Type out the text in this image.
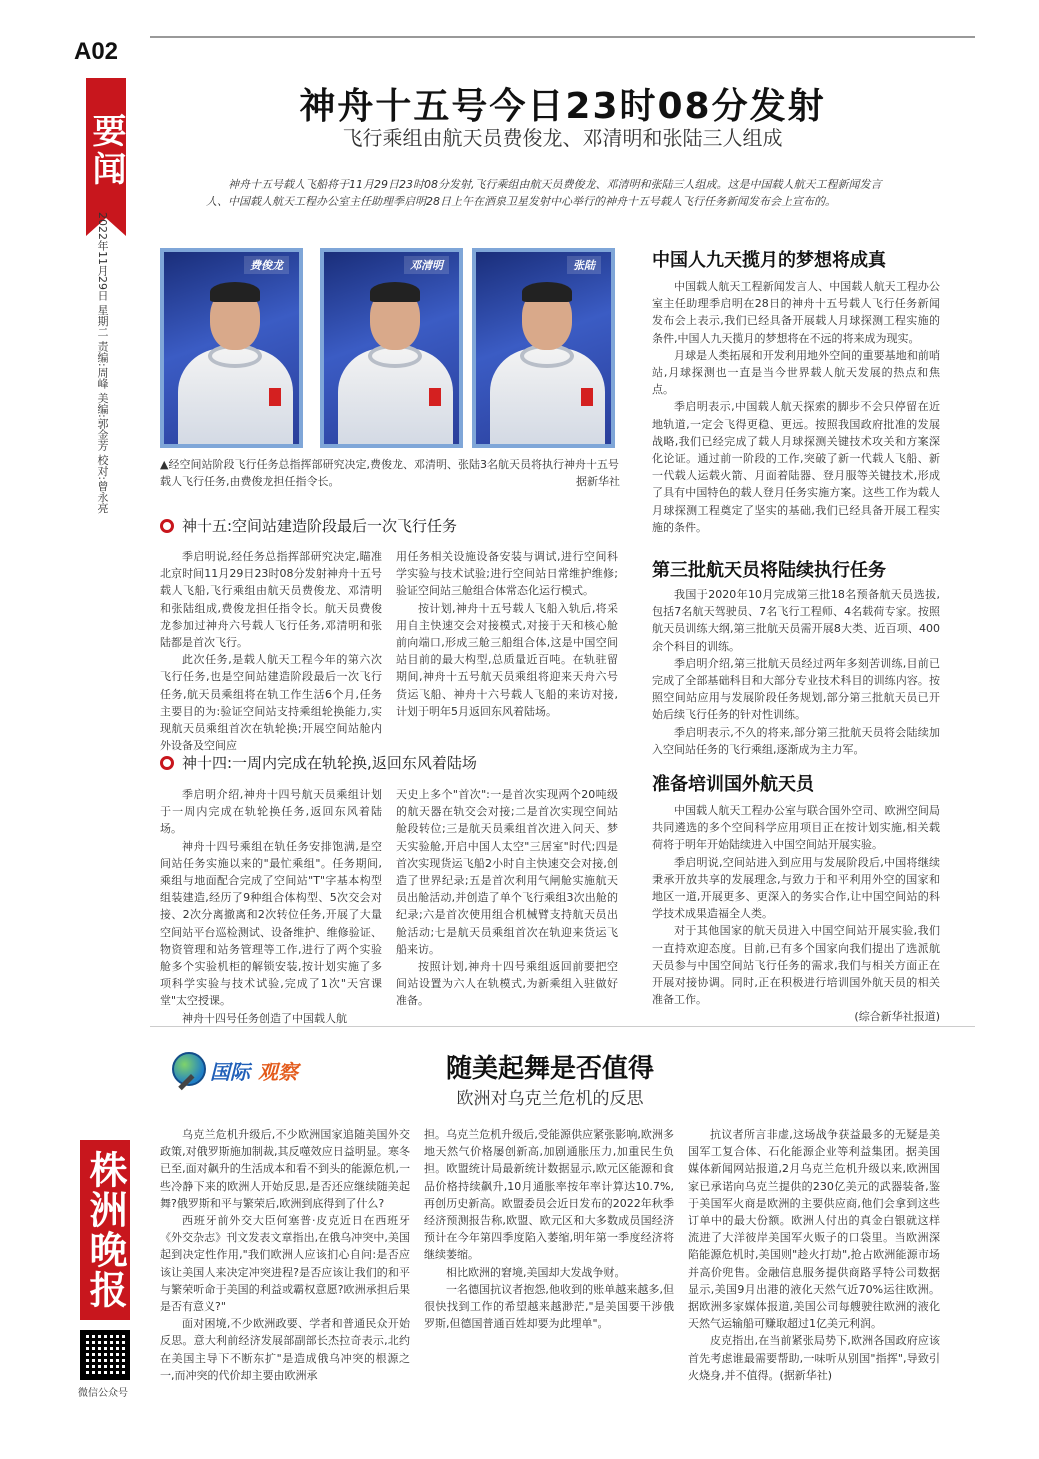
A02
要闻
2022年11月29日 星期二 责编:周峰 美编:郭金芳 校对:曾永亮
株洲晚报
微信公众号
神舟十五号今日23时08分发射
飞行乘组由航天员费俊龙、邓清明和张陆三人组成
神舟十五号载人飞船将于11月29日23时08分发射,飞行乘组由航天员费俊龙、邓清明和张陆三人组成。这是中国载人航天工程新闻发言人、中国载人航天工程办公室主任助理季启明28日上午在酒泉卫星发射中心举行的神舟十五号载人飞行任务新闻发布会上宣布的。
费俊龙	邓清明	张陆
▲经空间站阶段飞行任务总指挥部研究决定,费俊龙、邓清明、张陆3名航天员将执行神舟十五号载人飞行任务,由费俊龙担任指令长。	据新华社
神十五:空间站建造阶段最后一次飞行任务

季启明说,经任务总指挥部研究决定,瞄准北京时间11月29日23时08分发射神舟十五号载人飞船,飞行乘组由航天员费俊龙、邓清明和张陆组成,费俊龙担任指令长。航天员费俊龙参加过神舟六号载人飞行任务,邓清明和张陆都是首次飞行。

此次任务,是载人航天工程今年的第六次飞行任务,也是空间站建造阶段最后一次飞行任务,航天员乘组将在轨工作生活6个月,任务主要目的为:验证空间站支持乘组轮换能力,实现航天员乘组首次在轨轮换;开展空间站舱内外设备及空间应

用任务相关设施设备安装与调试,进行空间科学实验与技术试验;进行空间站日常维护维修;验证空间站三舱组合体常态化运行模式。

按计划,神舟十五号载人飞船入轨后,将采用自主快速交会对接模式,对接于天和核心舱前向端口,形成三舱三船组合体,这是中国空间站目前的最大构型,总质量近百吨。在轨驻留期间,神舟十五号航天员乘组将迎来天舟六号货运飞船、神舟十六号载人飞船的来访对接,计划于明年5月返回东风着陆场。

神十四:一周内完成在轨轮换,返回东风着陆场

季启明介绍,神舟十四号航天员乘组计划于一周内完成在轨轮换任务,返回东风着陆场。

神舟十四号乘组在轨任务安排饱满,是空间站任务实施以来的"最忙乘组"。任务期间,乘组与地面配合完成了空间站"T"字基本构型组装建造,经历了9种组合体构型、5次交会对接、2次分离撤离和2次转位任务,开展了大量空间站平台巡检测试、设备维护、维修验证、物资管理和站务管理等工作,进行了两个实验舱多个实验机柜的解锁安装,按计划实施了多项科学实验与技术试验,完成了1次"天宫课堂"太空授课。

神舟十四号任务创造了中国载人航

天史上多个"首次":一是首次实现两个20吨级的航天器在轨交会对接;二是首次实现空间站舱段转位;三是航天员乘组首次进入问天、梦天实验舱,开启中国人太空"三居室"时代;四是首次实现货运飞船2小时自主快速交会对接,创造了世界纪录;五是首次利用气闸舱实施航天员出舱活动,并创造了单个飞行乘组3次出舱的纪录;六是首次使用组合机械臂支持航天员出舱活动;七是航天员乘组首次在轨迎来货运飞船来访。

按照计划,神舟十四号乘组返回前要把空间站设置为六人在轨模式,为新乘组入驻做好准备。

中国人九天揽月的梦想将成真

中国载人航天工程新闻发言人、中国载人航天工程办公室主任助理季启明在28日的神舟十五号载人飞行任务新闻发布会上表示,我们已经具备开展载人月球探测工程实施的条件,中国人九天揽月的梦想将在不远的将来成为现实。

月球是人类拓展和开发利用地外空间的重要基地和前哨站,月球探测也一直是当今世界载人航天发展的热点和焦点。

季启明表示,中国载人航天探索的脚步不会只停留在近地轨道,一定会飞得更稳、更远。按照我国政府批准的发展战略,我们已经完成了载人月球探测关键技术攻关和方案深化论证。通过前一阶段的工作,突破了新一代载人飞船、新一代载人运载火箭、月面着陆器、登月服等关键技术,形成了具有中国特色的载人登月任务实施方案。这些工作为载人月球探测工程奠定了坚实的基础,我们已经具备开展工程实施的条件。

第三批航天员将陆续执行任务

我国于2020年10月完成第三批18名预备航天员选拔,包括7名航天驾驶员、7名飞行工程师、4名载荷专家。按照航天员训练大纲,第三批航天员需开展8大类、近百项、400余个科目的训练。

季启明介绍,第三批航天员经过两年多刻苦训练,目前已完成了全部基础科目和大部分专业技术科目的训练内容。按照空间站应用与发展阶段任务规划,部分第三批航天员已开始后续飞行任务的针对性训练。

季启明表示,不久的将来,部分第三批航天员将会陆续加入空间站任务的飞行乘组,逐渐成为主力军。

准备培训国外航天员

中国载人航天工程办公室与联合国外空司、欧洲空间局共同遴选的多个空间科学应用项目正在按计划实施,相关载荷将于明年开始陆续进入中国空间站开展实验。

季启明说,空间站进入到应用与发展阶段后,中国将继续秉承开放共享的发展理念,与致力于和平利用外空的国家和地区一道,开展更多、更深入的务实合作,让中国空间站的科学技术成果造福全人类。

对于其他国家的航天员进入中国空间站开展实验,我们一直持欢迎态度。目前,已有多个国家向我们提出了选派航天员参与中国空间站飞行任务的需求,我们与相关方面正在开展对接协调。同时,正在积极进行培训国外航天员的相关准备工作。

(综合新华社报道)

国际 观察	随美起舞是否值得
欧洲对乌克兰危机的反思

乌克兰危机升级后,不少欧洲国家追随美国外交政策,对俄罗斯施加制裁,其反噬效应日益明显。寒冬已至,面对飙升的生活成本和看不到头的能源危机,一些冷静下来的欧洲人开始反思,是否还应继续随美起舞?俄罗斯和平与繁荣后,欧洲到底得到了什么?

西班牙前外交大臣何塞普·皮克近日在西班牙《外交杂志》刊文发表文章指出,在俄乌冲突中,美国起到决定性作用,"我们欧洲人应该扪心自问:是否应该让美国人来决定冲突进程?是否应该让我们的和平与繁荣听命于美国的利益或霸权意愿?欧洲承担后果是否有意义?"

面对困境,不少欧洲政要、学者和普通民众开始反思。意大利前经济发展部副部长杰拉奇表示,北约在美国主导下不断东扩"是造成俄乌冲突的根源之一,而冲突的代价却主要由欧洲承

担。乌克兰危机升级后,受能源供应紧张影响,欧洲多地天然气价格屡创新高,加剧通胀压力,加重民生负担。欧盟统计局最新统计数据显示,欧元区能源和食品价格持续飙升,10月通胀率按年率计算达10.7%,再创历史新高。欧盟委员会近日发布的2022年秋季经济预测报告称,欧盟、欧元区和大多数成员国经济预计在今年第四季度陷入萎缩,明年第一季度经济将继续萎缩。

相比欧洲的窘境,美国却大发战争财。

一名德国抗议者抱怨,他收到的账单越来越多,但很快找到工作的希望越来越渺茫,"是美国要干涉俄罗斯,但德国普通百姓却要为此埋单"。

抗议者所言非虚,这场战争获益最多的无疑是美国军工复合体、石化能源企业等利益集团。据美国媒体新闻网站报道,2月乌克兰危机升级以来,欧洲国家已承诺向乌克兰提供的230亿美元的武器装备,鉴于美国军火商是欧洲的主要供应商,他们会拿到这些订单中的最大份额。欧洲人付出的真金白银就这样流进了大洋彼岸美国军火贩子的口袋里。当欧洲深陷能源危机时,美国则"趁火打劫",抢占欧洲能源市场并高价兜售。金融信息服务提供商路孚特公司数据显示,美国9月出港的液化天然气近70%运往欧洲。据欧洲多家媒体报道,美国公司每艘驶往欧洲的液化天然气运输船可赚取超过1亿美元利润。

皮克指出,在当前紧张局势下,欧洲各国政府应该首先考虑谁最需要帮助,一味听从别国"指挥",导致引火烧身,并不值得。(据新华社)
